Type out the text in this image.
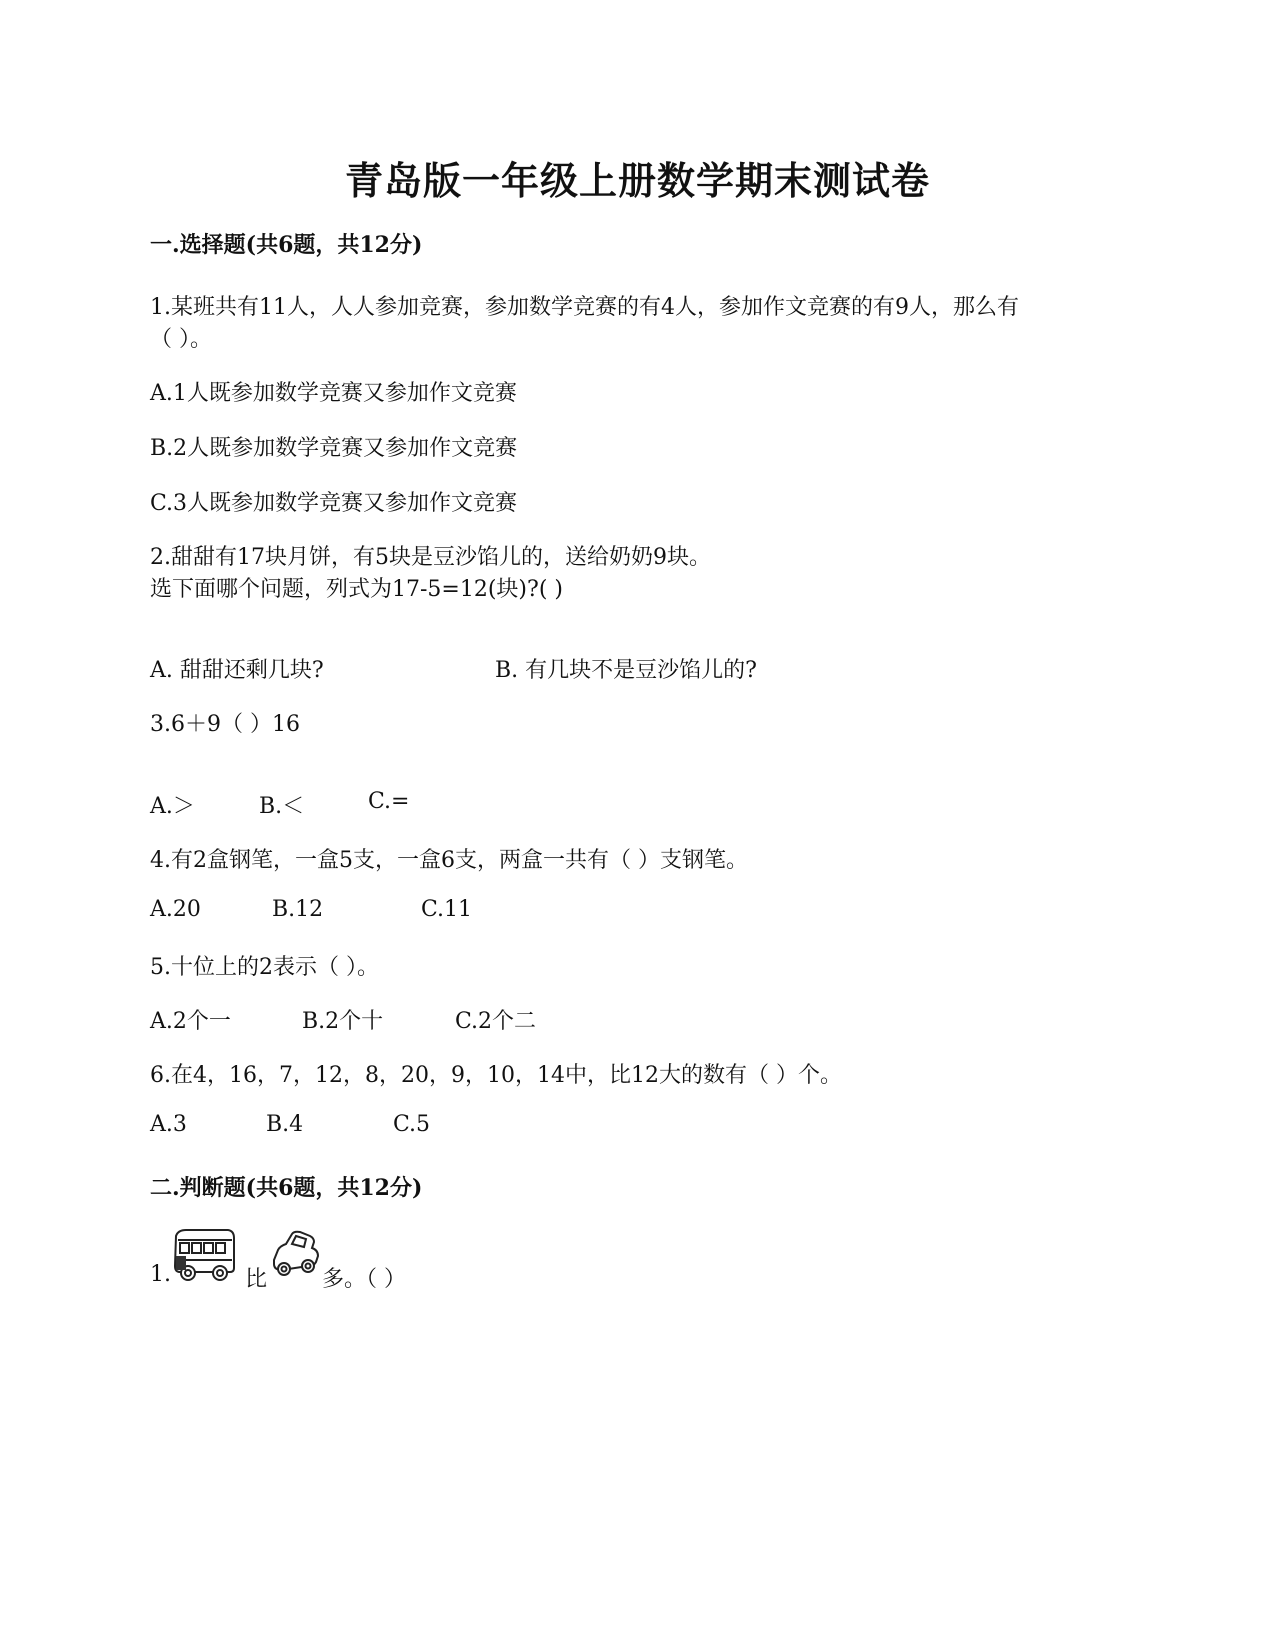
青岛版一年级上册数学期末测试卷
一.选择题(共6题，共12分)
1.某班共有11人，人人参加竞赛，参加数学竞赛的有4人，参加作文竞赛的有9人，那么有
（ ）。
A.1人既参加数学竞赛又参加作文竞赛
B.2人既参加数学竞赛又参加作文竞赛
C.3人既参加数学竞赛又参加作文竞赛
2.甜甜有17块月饼，有5块是豆沙馅儿的，送给奶奶9块。
选下面哪个问题，列式为17-5=12(块)?( )
A. 甜甜还剩几块?	B. 有几块不是豆沙馅儿的?
3.6＋9（ ）16
A.＞	B.＜	C.=
4.有2盒钢笔，一盒5支，一盒6支，两盒一共有（ ）支钢笔。
A.20	B.12	C.11
5.十位上的2表示（ ）。
A.2个一	B.2个十	C.2个二
6.在4，16，7，12，8，20，9，10，14中，比12大的数有（ ）个。
A.3	B.4	C.5
二.判断题(共6题，共12分)
1.	比 多。（ ）
